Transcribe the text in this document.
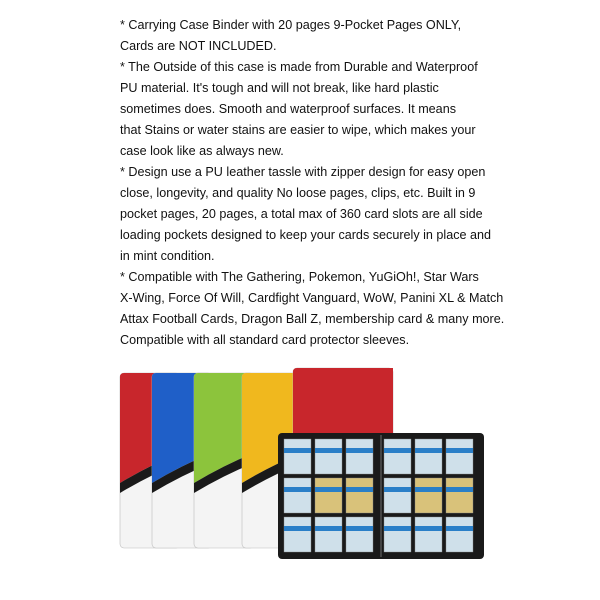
* Carrying Case Binder with 20 pages 9-Pocket Pages ONLY,
Cards are NOT INCLUDED.
* The Outside of this case is made from Durable and Waterproof
PU material. It's tough and will not break, like hard plastic
sometimes does. Smooth and waterproof surfaces. It means
that Stains or water stains are easier to wipe, which makes your
case look like as always new.
* Design use a PU leather tassle with zipper design for easy open
close, longevity, and quality No loose pages, clips, etc. Built in 9
pocket pages, 20 pages, a total max of 360 card slots are all side
loading pockets designed to keep your cards securely in place and
in mint condition.
* Compatible with The Gathering, Pokemon, YuGiOh!, Star Wars
X-Wing, Force Of Will, Cardfight Vanguard, WoW, Panini XL & Match
Attax Football Cards, Dragon Ball Z, membership card & many more.
Compatible with all standard card protector sleeves.
